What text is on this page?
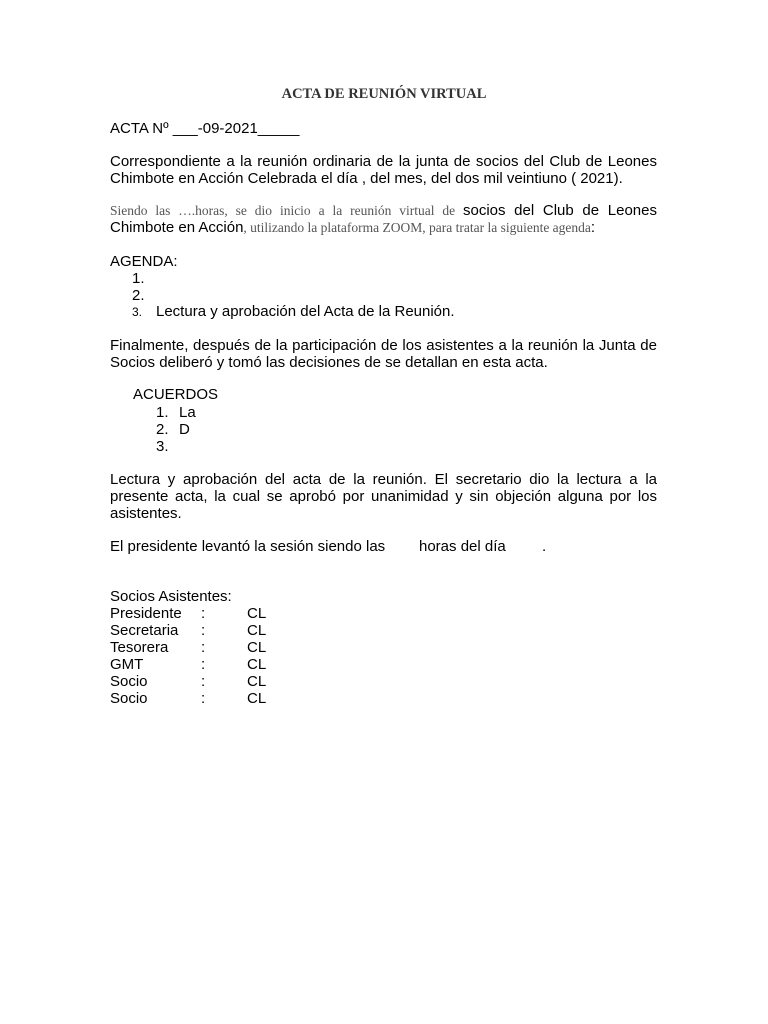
ACTA DE REUNIÓN VIRTUAL
ACTA Nº ___-09-2021_____
Correspondiente a la reunión ordinaria de la junta de socios del Club de Leones Chimbote en Acción Celebrada el día , del mes, del dos mil veintiuno ( 2021).
Siendo las ….horas, se dio inicio a la reunión virtual de socios del Club de Leones Chimbote en Acción, utilizando la plataforma ZOOM, para tratar la siguiente agenda:
AGENDA:
1.
2.
3. Lectura y aprobación del Acta de la Reunión.
Finalmente, después de la participación de los asistentes a la reunión la Junta de Socios deliberó y tomó las decisiones de se detallan en esta acta.
ACUERDOS
1. La
2. D
3.
Lectura y aprobación del acta de la reunión. El secretario dio la lectura a la presente acta, la cual se aprobó por unanimidad y sin objeción alguna por los asistentes.
El presidente levantó la sesión siendo las horas del día .
Socios Asistentes:
Presidente :	CL
Secretaria :	CL
Tesorera :	CL
GMT	:	CL
Socio	:	CL
Socio	:	CL
